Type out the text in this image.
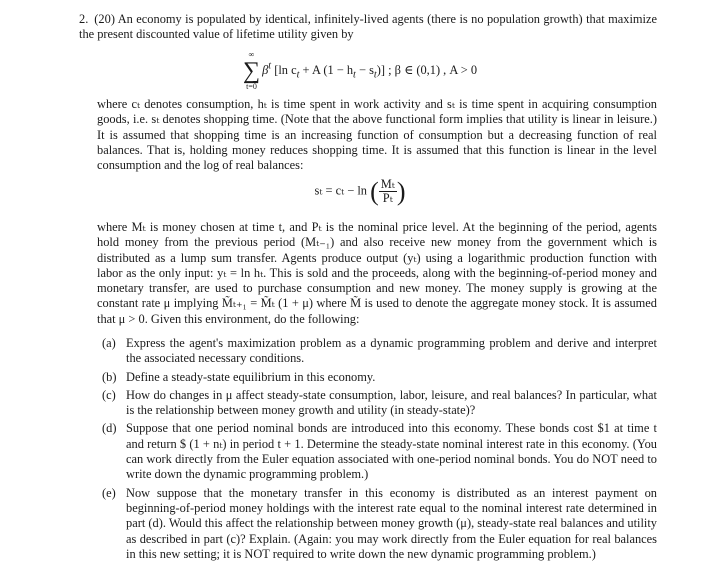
2. (20) An economy is populated by identical, infinitely-lived agents (there is no population growth) that maximize the present discounted value of lifetime utility given by
∞
∑
t=0
$\beta^t$ [ln $c_t + A$ $(1 - h_t - s_t)$] ; β ∈ (0,1) , A > 0
where cₜ denotes consumption, hₜ is time spent in work activity and sₜ is time spent in acquiring consumption goods, i.e. sₜ denotes shopping time. (Note that the above functional form implies that utility is linear in leisure.) It is assumed that shopping time is an increasing function of consumption but a decreasing function of real balances. That is, holding money reduces shopping time. It is assumed that this function is linear in the level consumption and the log of real balances:
sₜ = cₜ − ln ( $\frac{\text{Mₜ}}{\text{Pₜ}}$ )
where Mₜ is money chosen at time t, and Pₜ is the nominal price level. At the beginning of the period, agents hold money from the previous period (Mₜ₋₁) and also receive new money from the government which is distributed as a lump sum transfer. Agents produce output (yₜ) using a logarithmic production function with labor as the only input: yₜ = ln hₜ. This is sold and the proceeds, along with the beginning-of-period money and monetary transfer, are used to purchase consumption and new money. The money supply is growing at the constant rate μ implying M̃ₜ₊₁ = M̃ₜ (1 + μ) where M̃ is used to denote the aggregate money stock. It is assumed that μ > 0. Given this environment, do the following:
(a) Express the agent's maximization problem as a dynamic programming problem and derive and interpret the associated necessary conditions.
(b) Define a steady-state equilibrium in this economy.
(c) How do changes in μ affect steady-state consumption, labor, leisure, and real balances? In particular, what is the relationship between money growth and utility (in steady-state)?
(d) Suppose that one period nominal bonds are introduced into this economy. These bonds cost $1 at time t and return $ (1 + nₜ) in period t + 1. Determine the steady-state nominal interest rate in this economy. (You can work directly from the Euler equation associated with one-period nominal bonds. You do NOT need to write down the dynamic programming problem.)
(e) Now suppose that the monetary transfer in this economy is distributed as an interest payment on beginning-of-period money holdings with the interest rate equal to the nominal interest rate determined in part (d). Would this affect the relationship between money growth (μ), steady-state real balances and utility as described in part (c)? Explain. (Again: you may work directly from the Euler equation for real balances in this new setting; it is NOT required to write down the new dynamic programming problem.)
